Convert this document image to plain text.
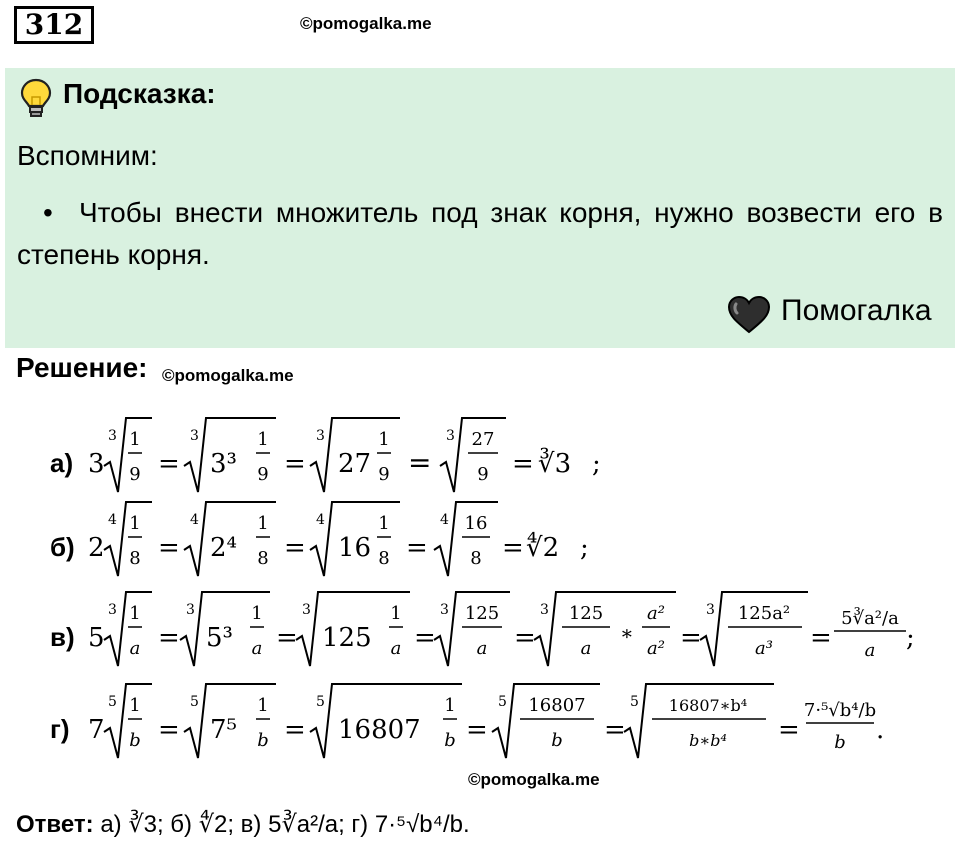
312	©pomogalka.me
Подсказка:
Вспомним:
• Чтобы внести множитель под знак корня, нужно возвести его в степень корня.
Помогалка
Решение: ©pomogalka.me
а) 3
3 1
9 =
3
3³
1
9 =
3
27
1
9 =
3 27
9 = ∛3 ;
б) 2
4 1
8 =
4
2⁴
1
8 =
4
16
1
8 =
4 16
8 = ∜2 ;
в) 5
3 1
a =
3
5³
1
a =
3
125
1
a =
3 125
a =
3 125
a
∗
a²
a² =
3 125a²
a³ =
5∛a²/a
a ;
г) 7
5 1
b =
5
7⁵
1
b =
5
16807
1
b =
5 16807
b =
5 16807∗b⁴
b∗b⁴ =
7·⁵√b⁴/b
b .
©pomogalka.me
Ответ: а) ∛3; б) ∜2; в) 5∛a²/a; г) 7·⁵√b⁴/b.
